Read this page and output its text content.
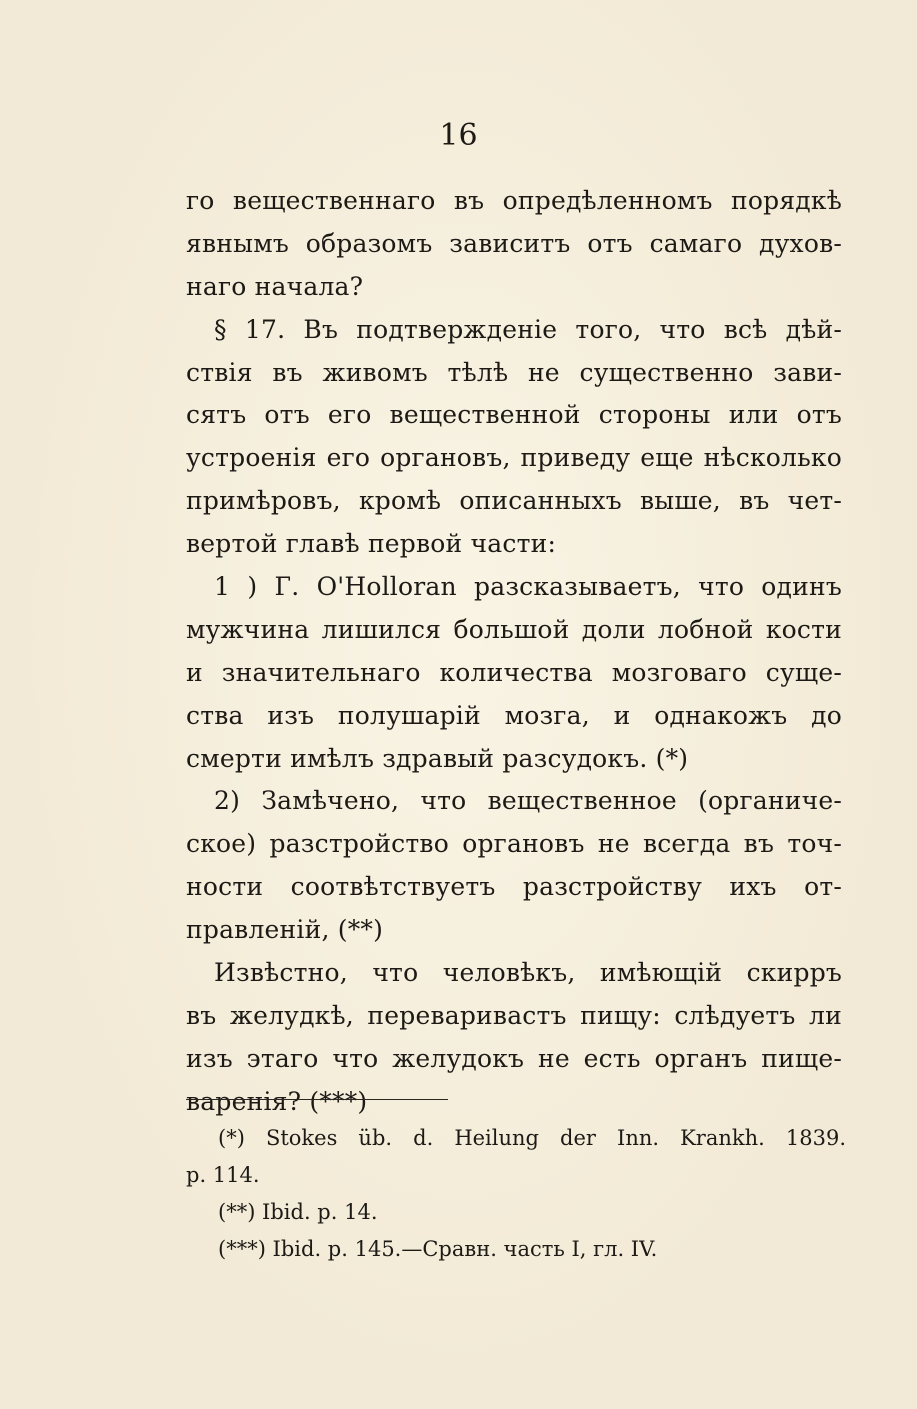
16
го вещественнаго въ опредѣленномъ порядкѣ
явнымъ образомъ зависитъ отъ самаго духов-
наго начала?
§ 17. Въ подтвержденіе того, что всѣ дѣй-
ствія въ живомъ тѣлѣ не существенно зави-
сятъ отъ его вещественной стороны или отъ
устроенія его органовъ, приведу еще нѣсколько
примѣровъ, кромѣ описанныхъ выше, въ чет-
вертой главѣ первой части:
1 ) Г. O'Holloran разсказываетъ, что одинъ
мужчина лишился большой доли лобной кости
и значительнаго количества мозговаго суще-
ства изъ полушарій мозга, и однакожъ до
смерти имѣлъ здравый разсудокъ. (*)
2) Замѣчено, что вещественное (органиче-
ское) разстройство органовъ не всегда въ точ-
ности соотвѣтствуетъ разстройству ихъ от-
правленій, (**)
Извѣстно, что человѣкъ, имѣющій скирръ
въ желудкѣ, переваривастъ пищу: слѣдуетъ ли
изъ этаго что желудокъ не есть органъ пище-
варенія? (***)
(*) Stokes üb. d. Heilung der Inn. Krankh. 1839.
p. 114.
(**) Ibid. p. 14.
(***) Ibid. p. 145.—Сравн. часть I, гл. IV.
